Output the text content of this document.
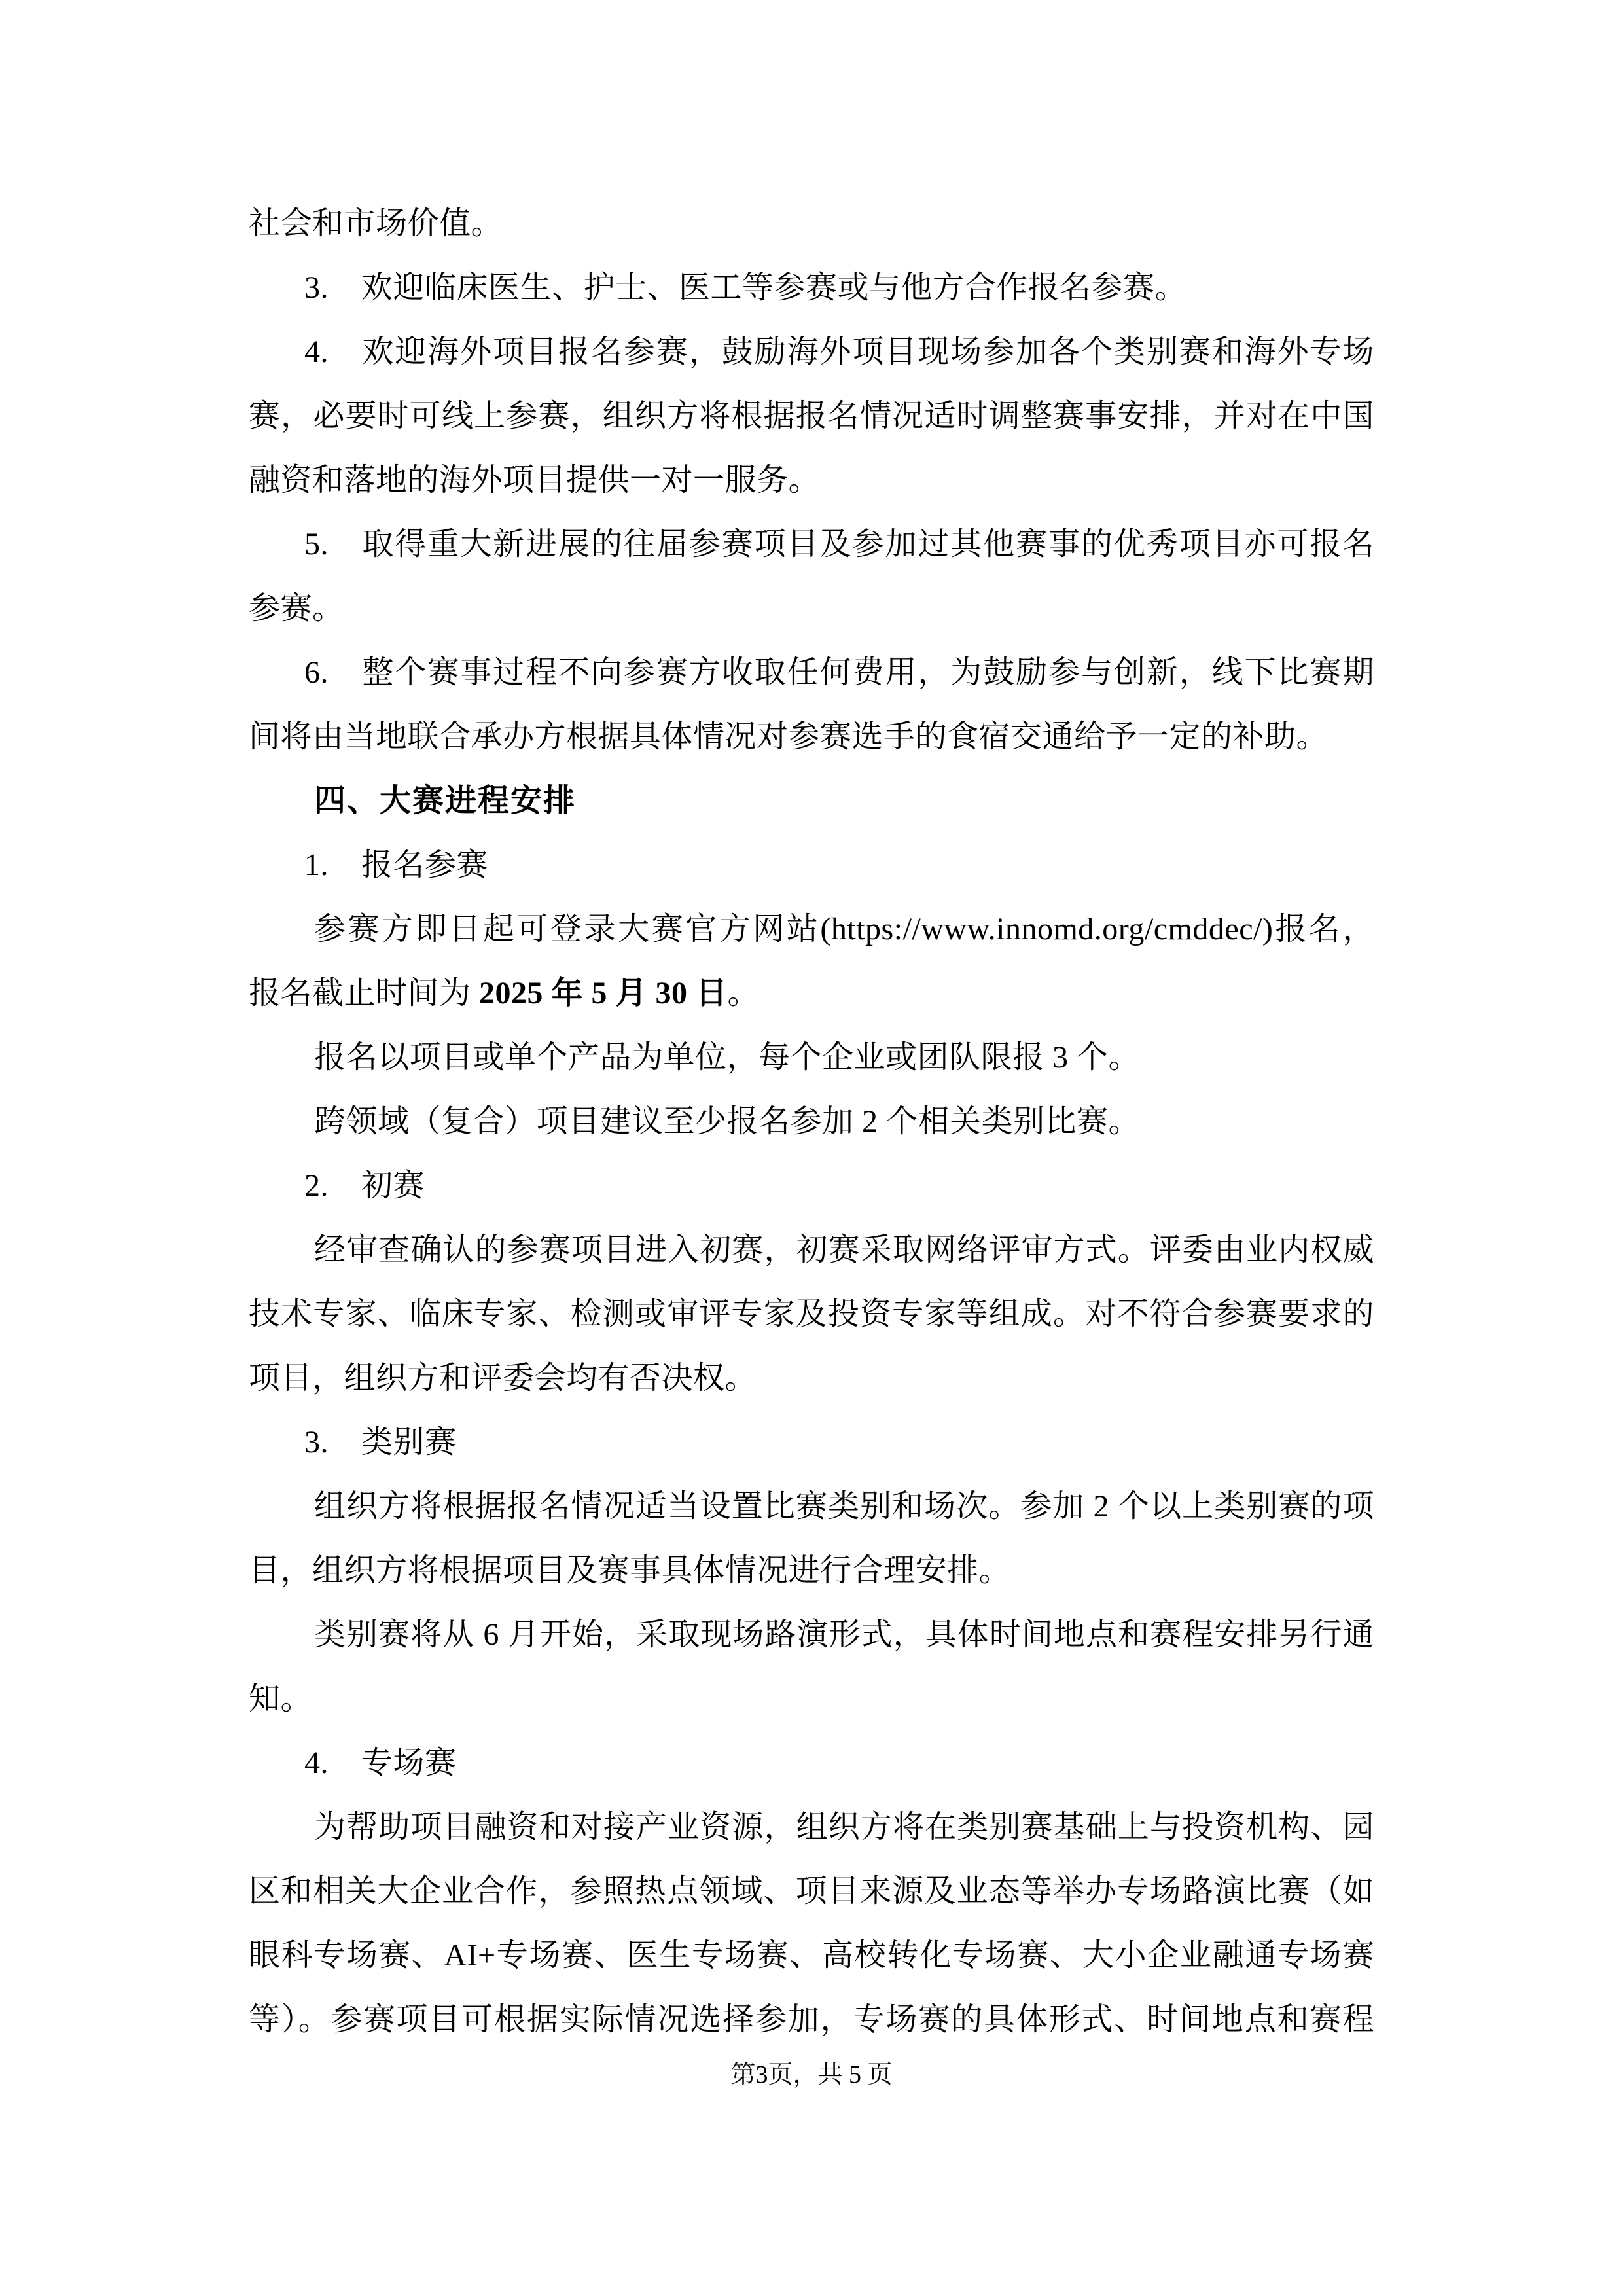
社会和市场价值。
3. 欢迎临床医生、护士、医工等参赛或与他方合作报名参赛。
4. 欢迎海外项目报名参赛，鼓励海外项目现场参加各个类别赛和海外专场
赛，必要时可线上参赛，组织方将根据报名情况适时调整赛事安排，并对在中国
融资和落地的海外项目提供一对一服务。
5. 取得重大新进展的往届参赛项目及参加过其他赛事的优秀项目亦可报名
参赛。
6. 整个赛事过程不向参赛方收取任何费用，为鼓励参与创新，线下比赛期
间将由当地联合承办方根据具体情况对参赛选手的食宿交通给予一定的补助。
四、大赛进程安排
1. 报名参赛
参赛方即日起可登录大赛官方网站(https://www.innomd.org/cmddec/)报名，
报名截止时间为 2025 年 5 月 30 日。
报名以项目或单个产品为单位，每个企业或团队限报 3 个。
跨领域（复合）项目建议至少报名参加 2 个相关类别比赛。
2. 初赛
经审查确认的参赛项目进入初赛，初赛采取网络评审方式。评委由业内权威
技术专家、临床专家、检测或审评专家及投资专家等组成。对不符合参赛要求的
项目，组织方和评委会均有否决权。
3. 类别赛
组织方将根据报名情况适当设置比赛类别和场次。参加 2 个以上类别赛的项
目，组织方将根据项目及赛事具体情况进行合理安排。
类别赛将从 6 月开始，采取现场路演形式，具体时间地点和赛程安排另行通
知。
4. 专场赛
为帮助项目融资和对接产业资源，组织方将在类别赛基础上与投资机构、园
区和相关大企业合作，参照热点领域、项目来源及业态等举办专场路演比赛（如
眼科专场赛、AI+专场赛、医生专场赛、高校转化专场赛、大小企业融通专场赛
等）。参赛项目可根据实际情况选择参加，专场赛的具体形式、时间地点和赛程
第3页，共 5 页
